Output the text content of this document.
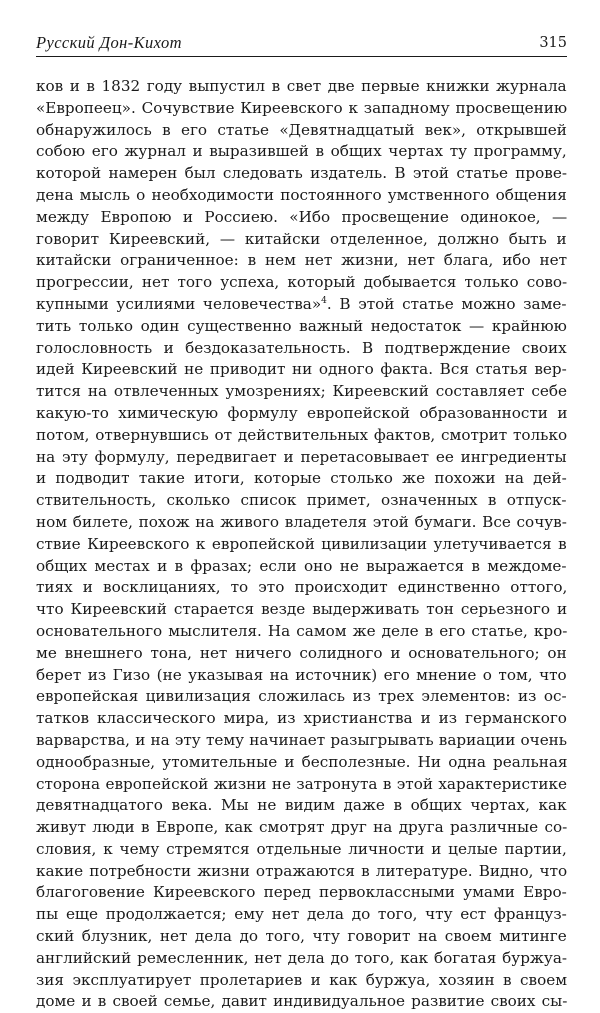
Русский Дон-Кихот	315
ков и в 1832 году выпустил в свет две первые книжки журнала
«Европеец». Сочувствие Киреевского к западному просвещению
обнаружилось в его статье «Девятнадцатый век», открывшей
собою его журнал и выразившей в общих чертах ту программу,
которой намерен был следовать издатель. В этой статье прове-
дена мысль о необходимости постоянного умственного общения
между Европою и Россиею. «Ибо просвещение одинокое, —
говорит Киреевский, — китайски отделенное, должно быть и
китайски ограниченное: в нем нет жизни, нет блага, ибо нет
прогрессии, нет того успеха, который добывается только сово-
купными усилиями человечества»$^4$. В этой статье можно заме-
тить только один существенно важный недостаток — крайнюю
голословность и бездоказательность. В подтверждение своих
идей Киреевский не приводит ни одного факта. Вся статья вер-
тится на отвлеченных умозрениях; Киреевский составляет себе
какую-то химическую формулу европейской образованности и
потом, отвернувшись от действительных фактов, смотрит только
на эту формулу, передвигает и перетасовывает ее ингредиенты
и подводит такие итоги, которые столько же похожи на дей-
ствительность, сколько список примет, означенных в отпуск-
ном билете, похож на живого владетеля этой бумаги. Все сочув-
ствие Киреевского к европейской цивилизации улетучивается в
общих местах и в фразах; если оно не выражается в междоме-
тиях и восклицаниях, то это происходит единственно оттого,
что Киреевский старается везде выдерживать тон серьезного и
основательного мыслителя. На самом же деле в его статье, кро-
ме внешнего тона, нет ничего солидного и основательного; он
берет из Гизо (не указывая на источник) его мнение о том, что
европейская цивилизация сложилась из трех элементов: из ос-
татков классического мира, из христианства и из германского
варварства, и на эту тему начинает разыгрывать вариации очень
однообразные, утомительные и бесполезные. Ни одна реальная
сторона европейской жизни не затронута в этой характеристике
девятнадцатого века. Мы не видим даже в общих чертах, как
живут люди в Европе, как смотрят друг на друга различные со-
словия, к чему стремятся отдельные личности и целые партии,
какие потребности жизни отражаются в литературе. Видно, что
благоговение Киреевского перед первоклассными умами Евро-
пы еще продолжается; ему нет дела до того, чту ест француз-
ский блузник, нет дела до того, чту говорит на своем митинге
английский ремесленник, нет дела до того, как богатая буржуа-
зия эксплуатирует пролетариев и как буржуа, хозяин в своем
доме и в своей семье, давит индивидуальное развитие своих сы-
